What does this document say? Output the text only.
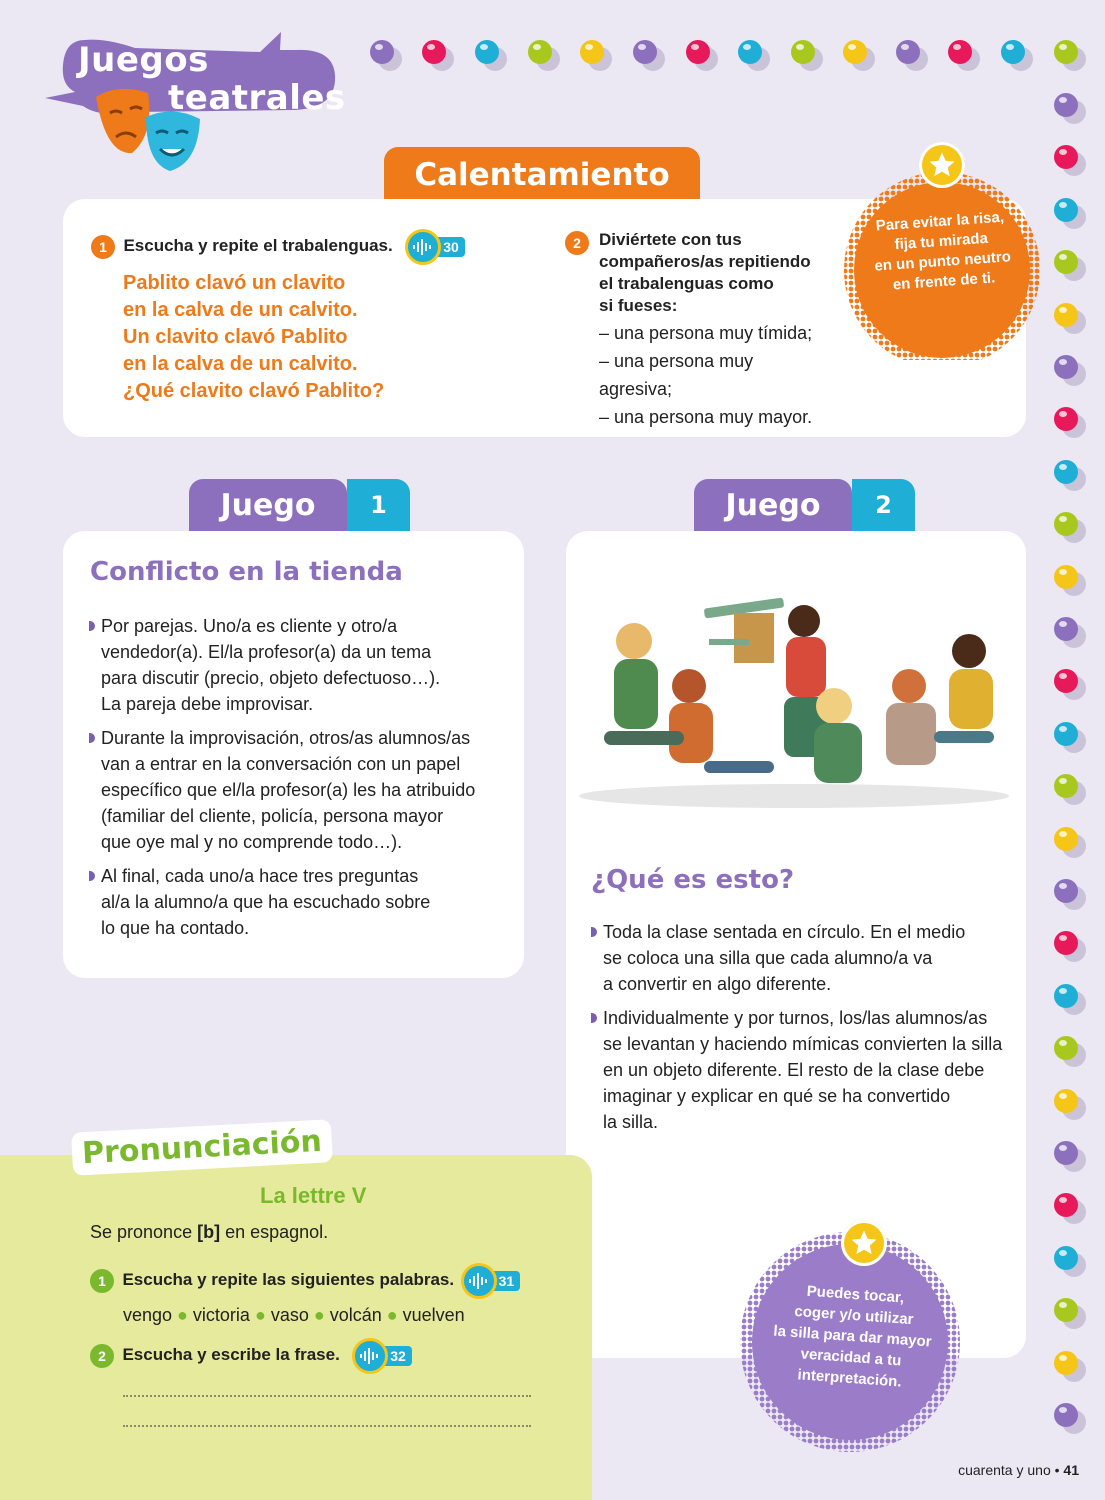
Juegos
teatrales
Calentamiento
1 Escucha y repite el trabalenguas.	30
Pablito clavó un clavito
en la calva de un calvito.
Un clavito clavó Pablito
en la calva de un calvito.
¿Qué clavito clavó Pablito?
2	Diviértete con tus
compañeros/as repitiendo
el trabalenguas como
si fueses:
– una persona muy tímida;
– una persona muy agresiva;
– una persona muy mayor.
Para evitar la risa,
fija tu mirada
en un punto neutro
en frente de ti.
Juego	1
Conflicto en la tienda
Por parejas. Uno/a es cliente y otro/a
vendedor(a). El/la profesor(a) da un tema
para discutir (precio, objeto defectuoso…).
La pareja debe improvisar.
Durante la improvisación, otros/as alumnos/as
van a entrar en la conversación con un papel
específico que el/la profesor(a) les ha atribuido
(familiar del cliente, policía, persona mayor
que oye mal y no comprende todo…).
Al final, cada uno/a hace tres preguntas
al/a la alumno/a que ha escuchado sobre
lo que ha contado.
Juego	2
¿Qué es esto?
Toda la clase sentada en círculo. En el medio
se coloca una silla que cada alumno/a va
a convertir en algo diferente.
Individualmente y por turnos, los/las alumnos/as
se levantan y haciendo mímicas convierten la silla
en un objeto diferente. El resto de la clase debe
imaginar y explicar en qué se ha convertido
la silla.
La lettre V
Se prononce [b] en espagnol.
1 Escucha y repite las siguientes palabras.	31
vengo ● victoria ● vaso ● volcán ● vuelven
2 Escucha y escribe la frase.	32
Pronunciación
Puedes tocar,
coger y/o utilizar
la silla para dar mayor
veracidad a tu
interpretación.
cuarenta y uno • 41
